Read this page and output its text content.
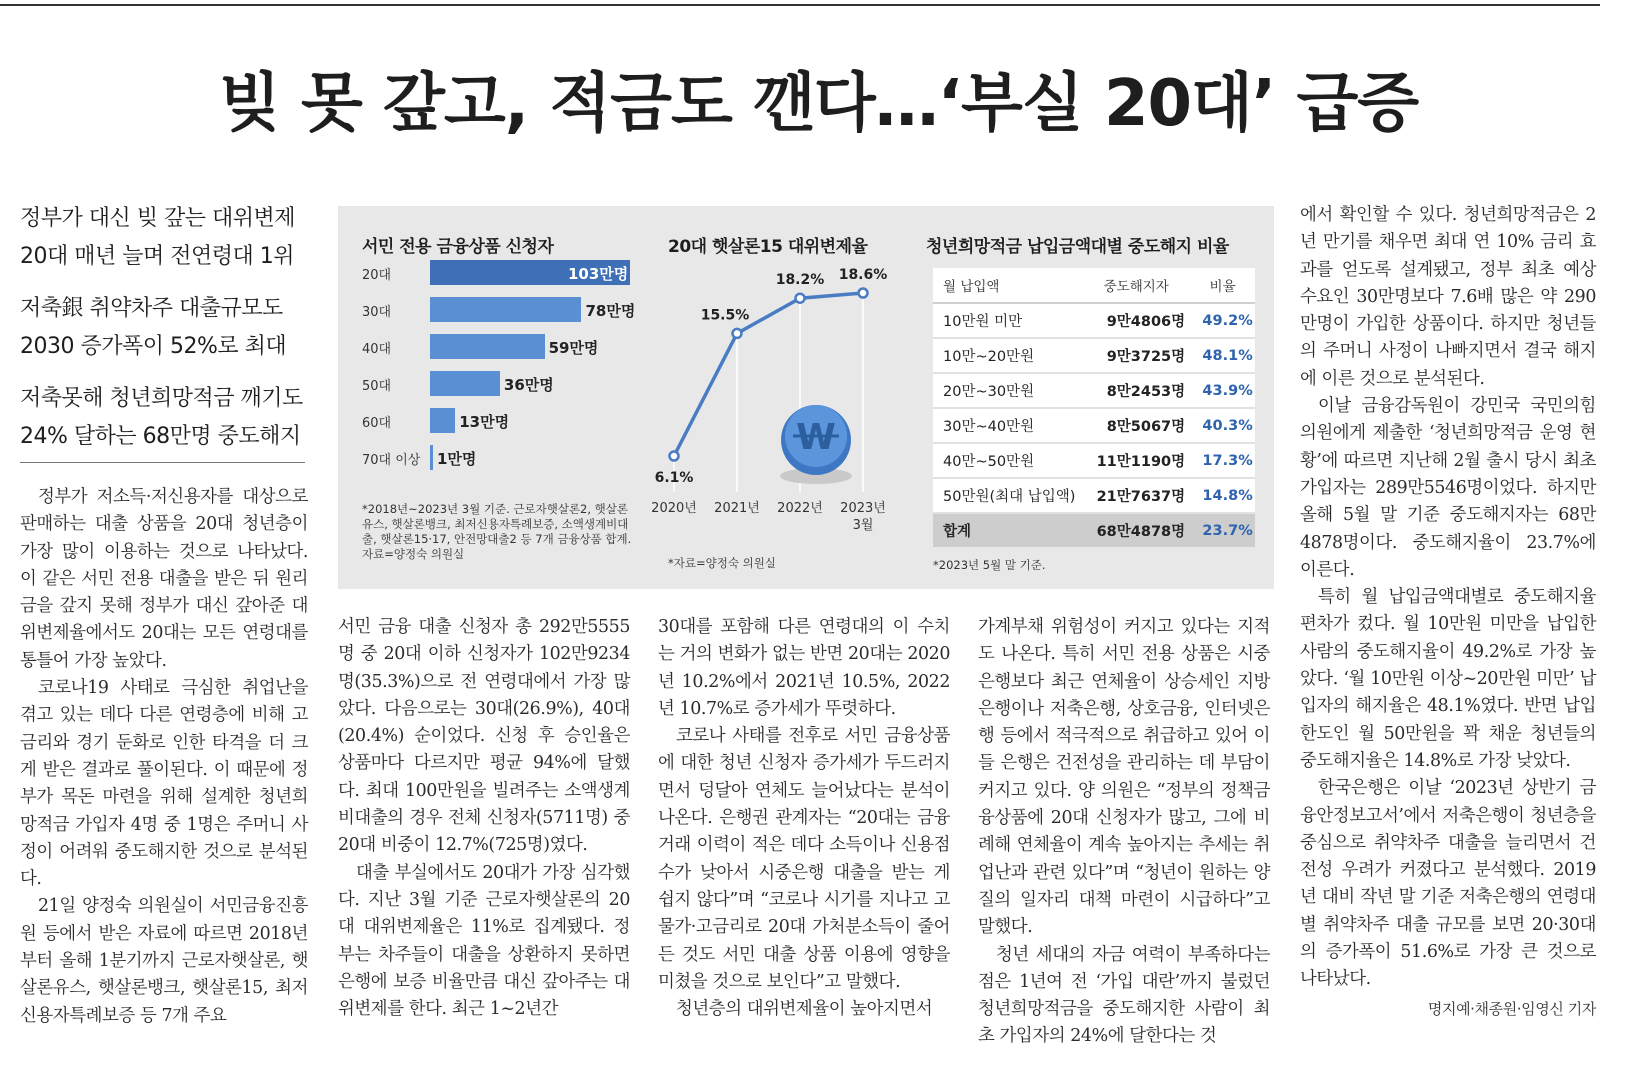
빚 못 갚고, 적금도 깬다…‘부실 20대’ 급증

정부가 대신 빚 갚는 대위변제
20대 매년 늘며 전연령대 1위

저축銀 취약차주 대출규모도
2030 증가폭이 52%로 최대

저축못해 청년희망적금 깨기도
24% 달하는 68만명 중도해지

서민 전용 금융상품 신청자
20대	103만명
30대	78만명
40대	59만명
50대	36만명
60대	13만명
70대 이상 1만명
*2018년~2023년 3월 기준. 근로자햇살론2, 햇살론유스, 햇살론뱅크, 최저신용자특례보증, 소액생계비대출, 햇살론15·17, 안전망대출2 등 7개 금융상품 합계.
자료=양정숙 의원실
20대 햇살론15 대위변제율
W
6.1%
2020년
15.5%
2021년
18.2%
2022년
18.6%
2023년
3월
*자료=양정숙 의원실
청년희망적금 납입금액대별 중도해지 비율
월 납입액	중도해지자	비율
10만원 미만	9만4806명	49.2%
10만~20만원	9만3725명	48.1%
20만~30만원	8만2453명	43.9%
30만~40만원	8만5067명	40.3%
40만~50만원	11만1190명	17.3%
50만원(최대 납입액)	21만7637명	14.8%
합계	68만4878명	23.7%
*2023년 5월 말 기준.

정부가 저소득·저신용자를 대상으로 판매하는 대출 상품을 20대 청년층이 가장 많이 이용하는 것으로 나타났다. 이 같은 서민 전용 대출을 받은 뒤 원리금을 갚지 못해 정부가 대신 갚아준 대위변제율에서도 20대는 모든 연령대를 통틀어 가장 높았다.

코로나19 사태로 극심한 취업난을 겪고 있는 데다 다른 연령층에 비해 고금리와 경기 둔화로 인한 타격을 더 크게 받은 결과로 풀이된다. 이 때문에 정부가 목돈 마련을 위해 설계한 청년희망적금 가입자 4명 중 1명은 주머니 사정이 어려워 중도해지한 것으로 분석된다.

21일 양정숙 의원실이 서민금융진흥원 등에서 받은 자료에 따르면 2018년부터 올해 1분기까지 근로자햇살론, 햇살론유스, 햇살론뱅크, 햇살론15, 최저신용자특례보증 등 7개 주요

서민 금융 대출 신청자 총 292만5555명 중 20대 이하 신청자가 102만9234명(35.3%)으로 전 연령대에서 가장 많았다. 다음으로는 30대(26.9%), 40대(20.4%) 순이었다. 신청 후 승인율은 상품마다 다르지만 평균 94%에 달했다. 최대 100만원을 빌려주는 소액생계비대출의 경우 전체 신청자(5711명) 중 20대 비중이 12.7%(725명)였다.

대출 부실에서도 20대가 가장 심각했다. 지난 3월 기준 근로자햇살론의 20대 대위변제율은 11%로 집계됐다. 정부는 차주들이 대출을 상환하지 못하면 은행에 보증 비율만큼 대신 갚아주는 대위변제를 한다. 최근 1~2년간

30대를 포함해 다른 연령대의 이 수치는 거의 변화가 없는 반면 20대는 2020년 10.2%에서 2021년 10.5%, 2022년 10.7%로 증가세가 뚜렷하다.

코로나 사태를 전후로 서민 금융상품에 대한 청년 신청자 증가세가 두드러지면서 덩달아 연체도 늘어났다는 분석이 나온다. 은행권 관계자는 “20대는 금융 거래 이력이 적은 데다 소득이나 신용점수가 낮아서 시중은행 대출을 받는 게 쉽지 않다”며 “코로나 시기를 지나고 고물가·고금리로 20대 가처분소득이 줄어든 것도 서민 대출 상품 이용에 영향을 미쳤을 것으로 보인다”고 말했다.

청년층의 대위변제율이 높아지면서

가계부채 위험성이 커지고 있다는 지적도 나온다. 특히 서민 전용 상품은 시중은행보다 최근 연체율이 상승세인 지방은행이나 저축은행, 상호금융, 인터넷은행 등에서 적극적으로 취급하고 있어 이들 은행은 건전성을 관리하는 데 부담이 커지고 있다. 양 의원은 “정부의 정책금융상품에 20대 신청자가 많고, 그에 비례해 연체율이 계속 높아지는 추세는 취업난과 관련 있다”며 “청년이 원하는 양질의 일자리 대책 마련이 시급하다”고 말했다.

청년 세대의 자금 여력이 부족하다는 점은 1년여 전 ‘가입 대란’까지 불렀던 청년희망적금을 중도해지한 사람이 최초 가입자의 24%에 달한다는 것

에서 확인할 수 있다. 청년희망적금은 2년 만기를 채우면 최대 연 10% 금리 효과를 얻도록 설계됐고, 정부 최초 예상 수요인 30만명보다 7.6배 많은 약 290만명이 가입한 상품이다. 하지만 청년들의 주머니 사정이 나빠지면서 결국 해지에 이른 것으로 분석된다.

이날 금융감독원이 강민국 국민의힘 의원에게 제출한 ‘청년희망적금 운영 현황’에 따르면 지난해 2월 출시 당시 최초 가입자는 289만5546명이었다. 하지만 올해 5월 말 기준 중도해지자는 68만4878명이다. 중도해지율이 23.7%에 이른다.

특히 월 납입금액대별로 중도해지율 편차가 컸다. 월 10만원 미만을 납입한 사람의 중도해지율이 49.2%로 가장 높았다. ‘월 10만원 이상~20만원 미만’ 납입자의 해지율은 48.1%였다. 반면 납입 한도인 월 50만원을 꽉 채운 청년들의 중도해지율은 14.8%로 가장 낮았다.

한국은행은 이날 ‘2023년 상반기 금융안정보고서’에서 저축은행이 청년층을 중심으로 취약차주 대출을 늘리면서 건전성 우려가 커졌다고 분석했다. 2019년 대비 작년 말 기준 저축은행의 연령대별 취약차주 대출 규모를 보면 20·30대의 증가폭이 51.6%로 가장 큰 것으로 나타났다.

명지예·채종원·임영신 기자
